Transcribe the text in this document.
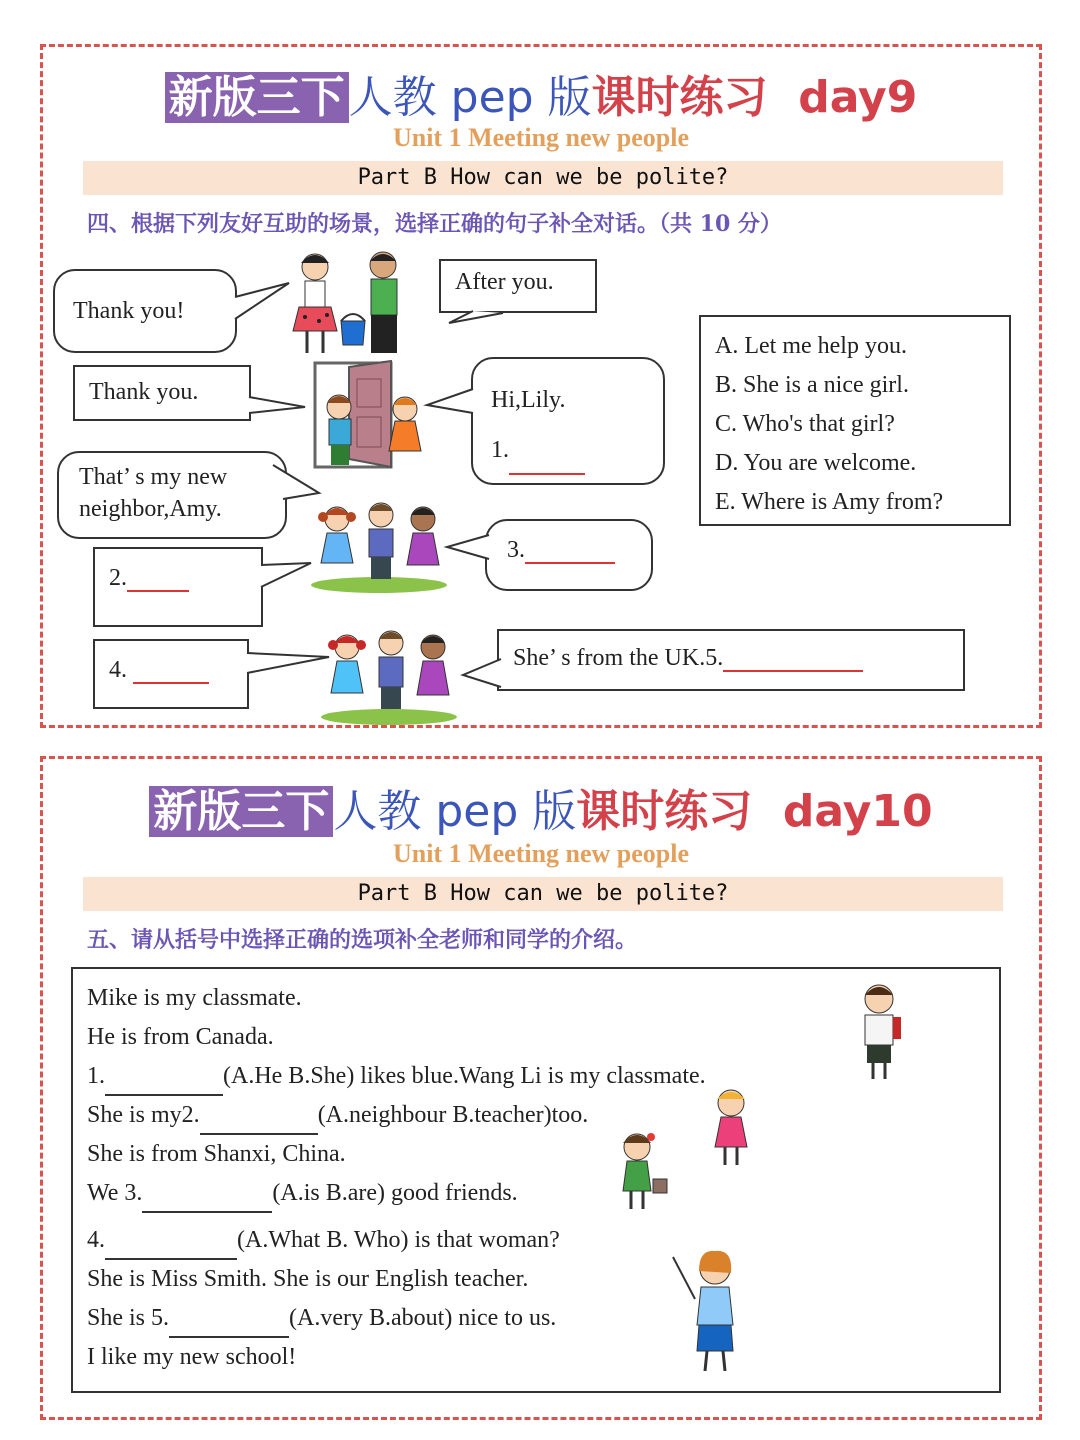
新版三下人教 pep 版课时练习 day9
Unit 1 Meeting new people
Part B How can we be polite?
四、根据下列友好互助的场景，选择正确的句子补全对话。（共 10 分）
Thank you!
After you.
Thank you.	Hi,Lily.
1.
That’ s my new
neighbor,Amy.
2.
3.
4.	She’ s from the UK.5.
A. Let me help you.
B. She is a nice girl.
C. Who's that girl?
D. You are welcome.
E. Where is Amy from?
新版三下人教 pep 版课时练习 day10
Unit 1 Meeting new people
Part B How can we be polite?
五、请从括号中选择正确的选项补全老师和同学的介绍。
Mike is my classmate.
He is from Canada.
1.	(A.He B.She) likes blue.Wang Li is my classmate.
She is my2.	(A.neighbour B.teacher)too.
She is from Shanxi, China.
We 3.	(A.is B.are) good friends.
4.	(A.What B. Who) is that woman?
She is Miss Smith. She is our English teacher.
She is 5.	(A.very B.about) nice to us.
I like my new school!
